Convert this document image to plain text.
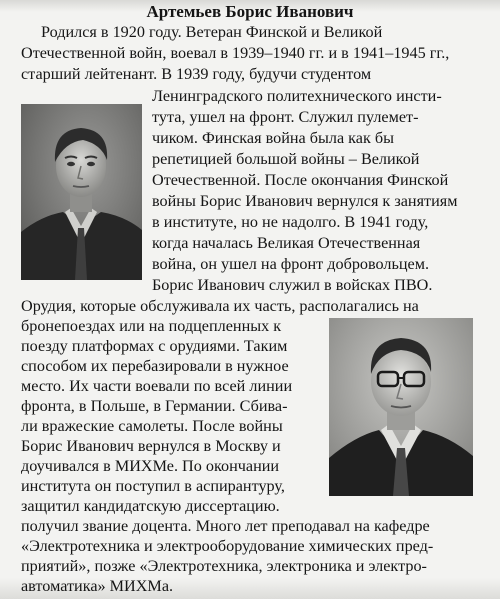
Артемьев Борис Иванович
Родился в 1920 году. Ветеран Финской и Великой
Отечественной войн, воевал в 1939–1940 гг. и в 1941–1945 гг.,
старший лейтенант. В 1939 году, будучи студентом
Ленинградского политехнического инсти-
тута, ушел на фронт. Служил пулемет-
чиком. Финская война была как бы
репетицией большой войны – Великой
Отечественной. После окончания Финской
войны Борис Иванович вернулся к занятиям
в институте, но не надолго. В 1941 году,
когда началась Великая Отечественная
война, он ушел на фронт добровольцем.
Борис Иванович служил в войсках ПВО.
Орудия, которые обслуживала их часть, располагались на
бронепоездах или на подцепленных к
поезду платформах с орудиями. Таким
способом их перебазировали в нужное
место. Их части воевали по всей линии
фронта, в Польше, в Германии. Сбива-
ли вражеские самолеты. После войны
Борис Иванович вернулся в Москву и
доучивался в МИХМе. По окончании
института он поступил в аспирантуру,
защитил кандидатскую диссертацию.
получил звание доцента. Много лет преподавал на кафедре
«Электротехника и электрооборудование химических пред-
приятий», позже «Электротехника, электроника и электро-
автоматика» МИХМа.
